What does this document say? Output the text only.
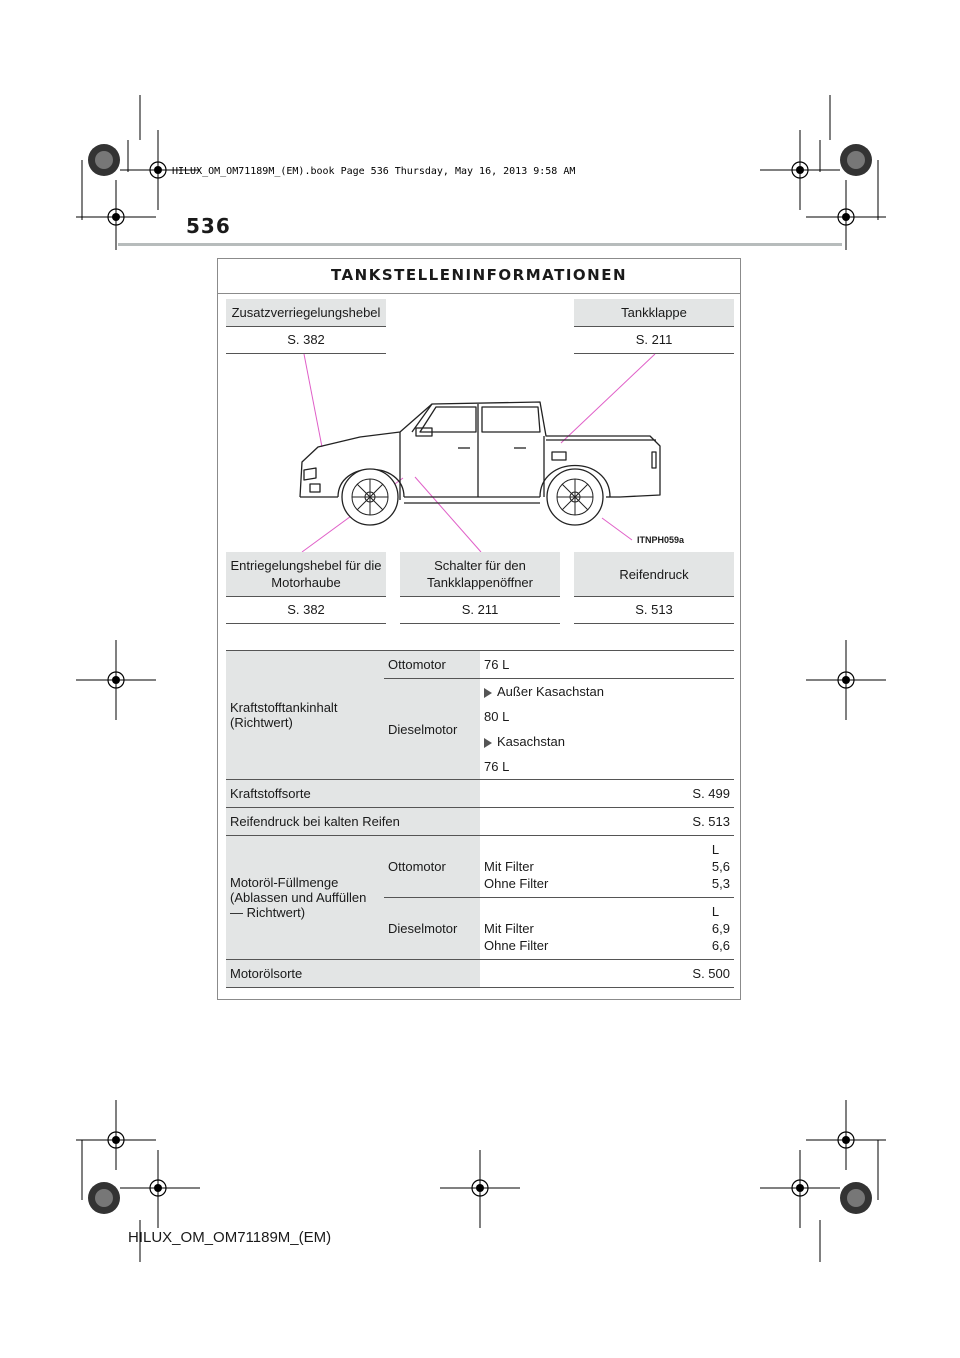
HILUX_OM_OM71189M_(EM).book Page 536 Thursday, May 16, 2013 9:58 AM
536
TANKSTELLENINFORMATIONEN
Zusatzverriegelungshebel
S. 382
Tankklappe
S. 211
ITNPH059a
Entriegelungshebel für die Motorhaube
S. 382
Schalter für den Tankklappenöffner
S. 211
Reifendruck
S. 513
Kraftstofftankinhalt (Richtwert)	Ottomotor	76 L
	Dieselmotor	Außer Kasachstan
80 L
Kasachstan
76 L

Kraftstoffsorte		S. 499
Reifendruck bei kalten Reifen		S. 513
Motoröl-Füllmenge (Ablassen und Auffüllen — Richtwert)	Ottomotor	L
Mit Filter 5,6
Ohne Filter 5,3

	Dieselmotor	L
Mit Filter 6,9
Ohne Filter 6,6

Motorölsorte		S. 500
HILUX_OM_OM71189M_(EM)
